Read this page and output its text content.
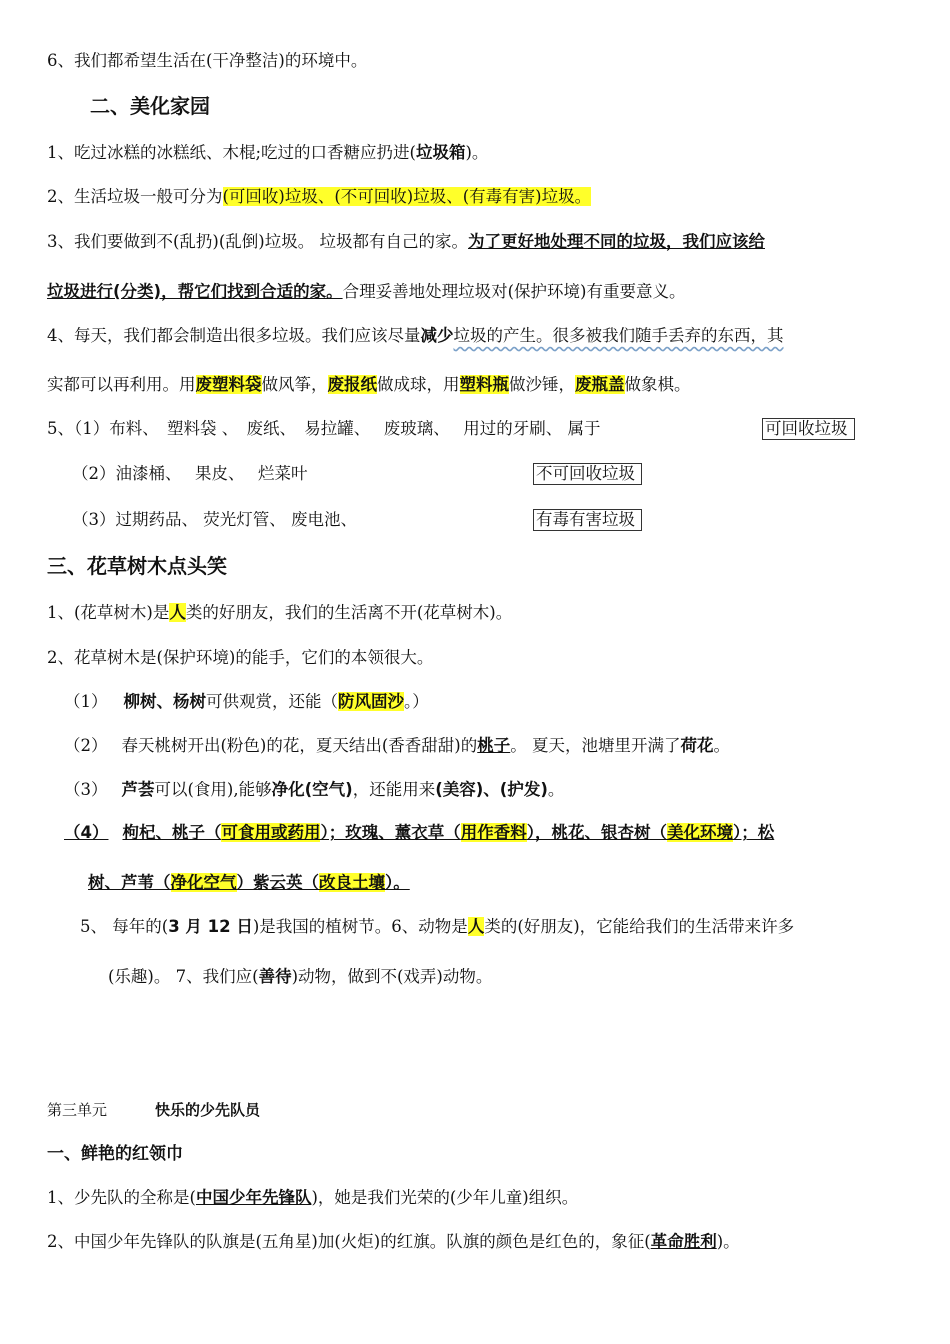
6、我们都希望生活在(干净整洁)的环境中。
二、美化家园
1、吃过冰糕的冰糕纸、木棍;吃过的口香糖应扔进(垃圾箱)。
2、生活垃圾一般可分为(可回收)垃圾、(不可回收)垃圾、(有毒有害)垃圾。
3、我们要做到不(乱扔)(乱倒)垃圾。 垃圾都有自己的家。为了更好地处理不同的垃圾，我们应该给
垃圾进行(分类)，帮它们找到合适的家。合理妥善地处理垃圾对(保护环境)有重要意义。
4、每天，我们都会制造出很多垃圾。我们应该尽量减少垃圾的产生。很多被我们随手丢弃的东西，其
实都可以再利用。用废塑料袋做风筝，废报纸做成球，用塑料瓶做沙锤，废瓶盖做象棋。
5、（1）布料、　塑料袋 、　废纸、　易拉罐、　 废玻璃、　 用过的牙刷、 属于	可回收垃圾
（2）油漆桶、　 果皮、　 烂菜叶	不可回收垃圾
（3）过期药品、 荧光灯管、 废电池、	有毒有害垃圾
三、花草树木点头笑
1、(花草树木)是人类的好朋友，我们的生活离不开(花草树木)。
2、花草树木是(保护环境)的能手，它们的本领很大。
（1） 柳树、杨树可供观赏，还能（防风固沙。）
（2） 春天桃树开出(粉色)的花，夏天结出(香香甜甜)的桃子。 夏天，池塘里开满了荷花。
（3） 芦荟可以(食用),能够净化(空气)，还能用来(美容)、(护发)。
（4） 枸杞、桃子（可食用或药用）；玫瑰、薰衣草（用作香料），桃花、银杏树（美化环境）；松
树、芦苇（净化空气）紫云英（改良土壤）。
5、 每年的(3 月 12 日)是我国的植树节。6、动物是人类的(好朋友)，它能给我们的生活带来许多
(乐趣)。 7、我们应(善待)动物，做到不(戏弄)动物。
第三单元	快乐的少先队员
一、鲜艳的红领巾
1、少先队的全称是(中国少年先锋队)，她是我们光荣的(少年儿童)组织。
2、中国少年先锋队的队旗是(五角星)加(火炬)的红旗。队旗的颜色是红色的，象征(革命胜利)。
